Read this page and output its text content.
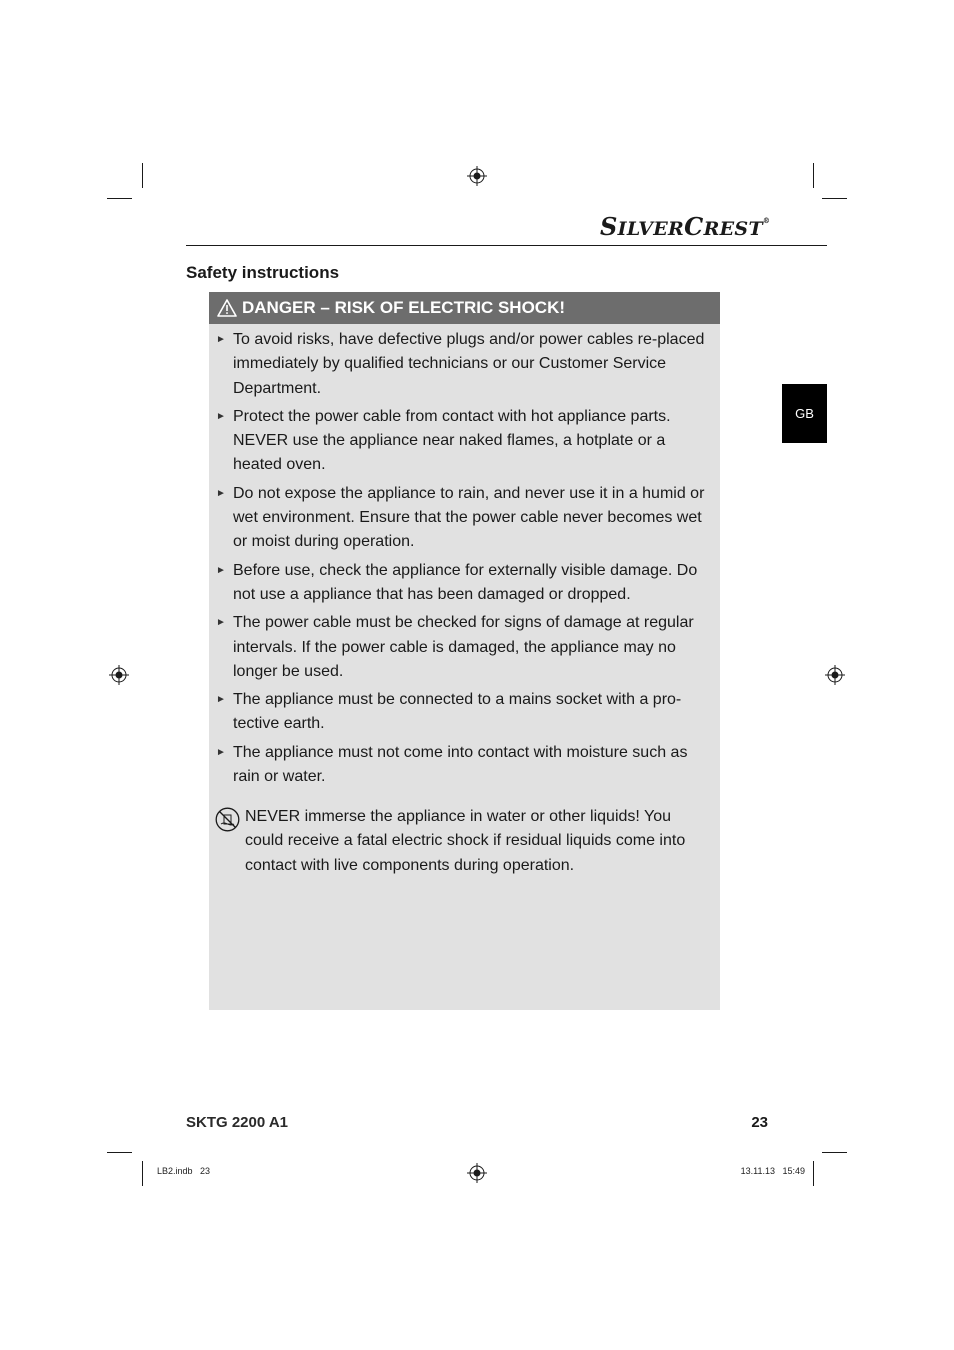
SILVERCREST®
Safety instructions
DANGER – RISK OF ELECTRIC SHOCK!
► To avoid risks, have defective plugs and/or power cables re-placed immediately by qualified technicians or our Customer Service Department.
► Protect the power cable from contact with hot appliance parts. NEVER use the appliance near naked flames, a hotplate or a heated oven.
► Do not expose the appliance to rain, and never use it in a humid or wet environment. Ensure that the power cable never becomes wet or moist during operation.
► Before use, check the appliance for externally visible damage. Do not use a appliance that has been damaged or dropped.
► The power cable must be checked for signs of damage at regular intervals. If the power cable is damaged, the appliance may no longer be used.
► The appliance must be connected to a mains socket with a pro-tective earth.
► The appliance must not come into contact with moisture such as rain or water.
NEVER immerse the appliance in water or other liquids! You could receive a fatal electric shock if residual liquids come into contact with live components during operation.
GB
SKTG 2200 A1	23
LB2.indb   23	13.11.13   15:49
